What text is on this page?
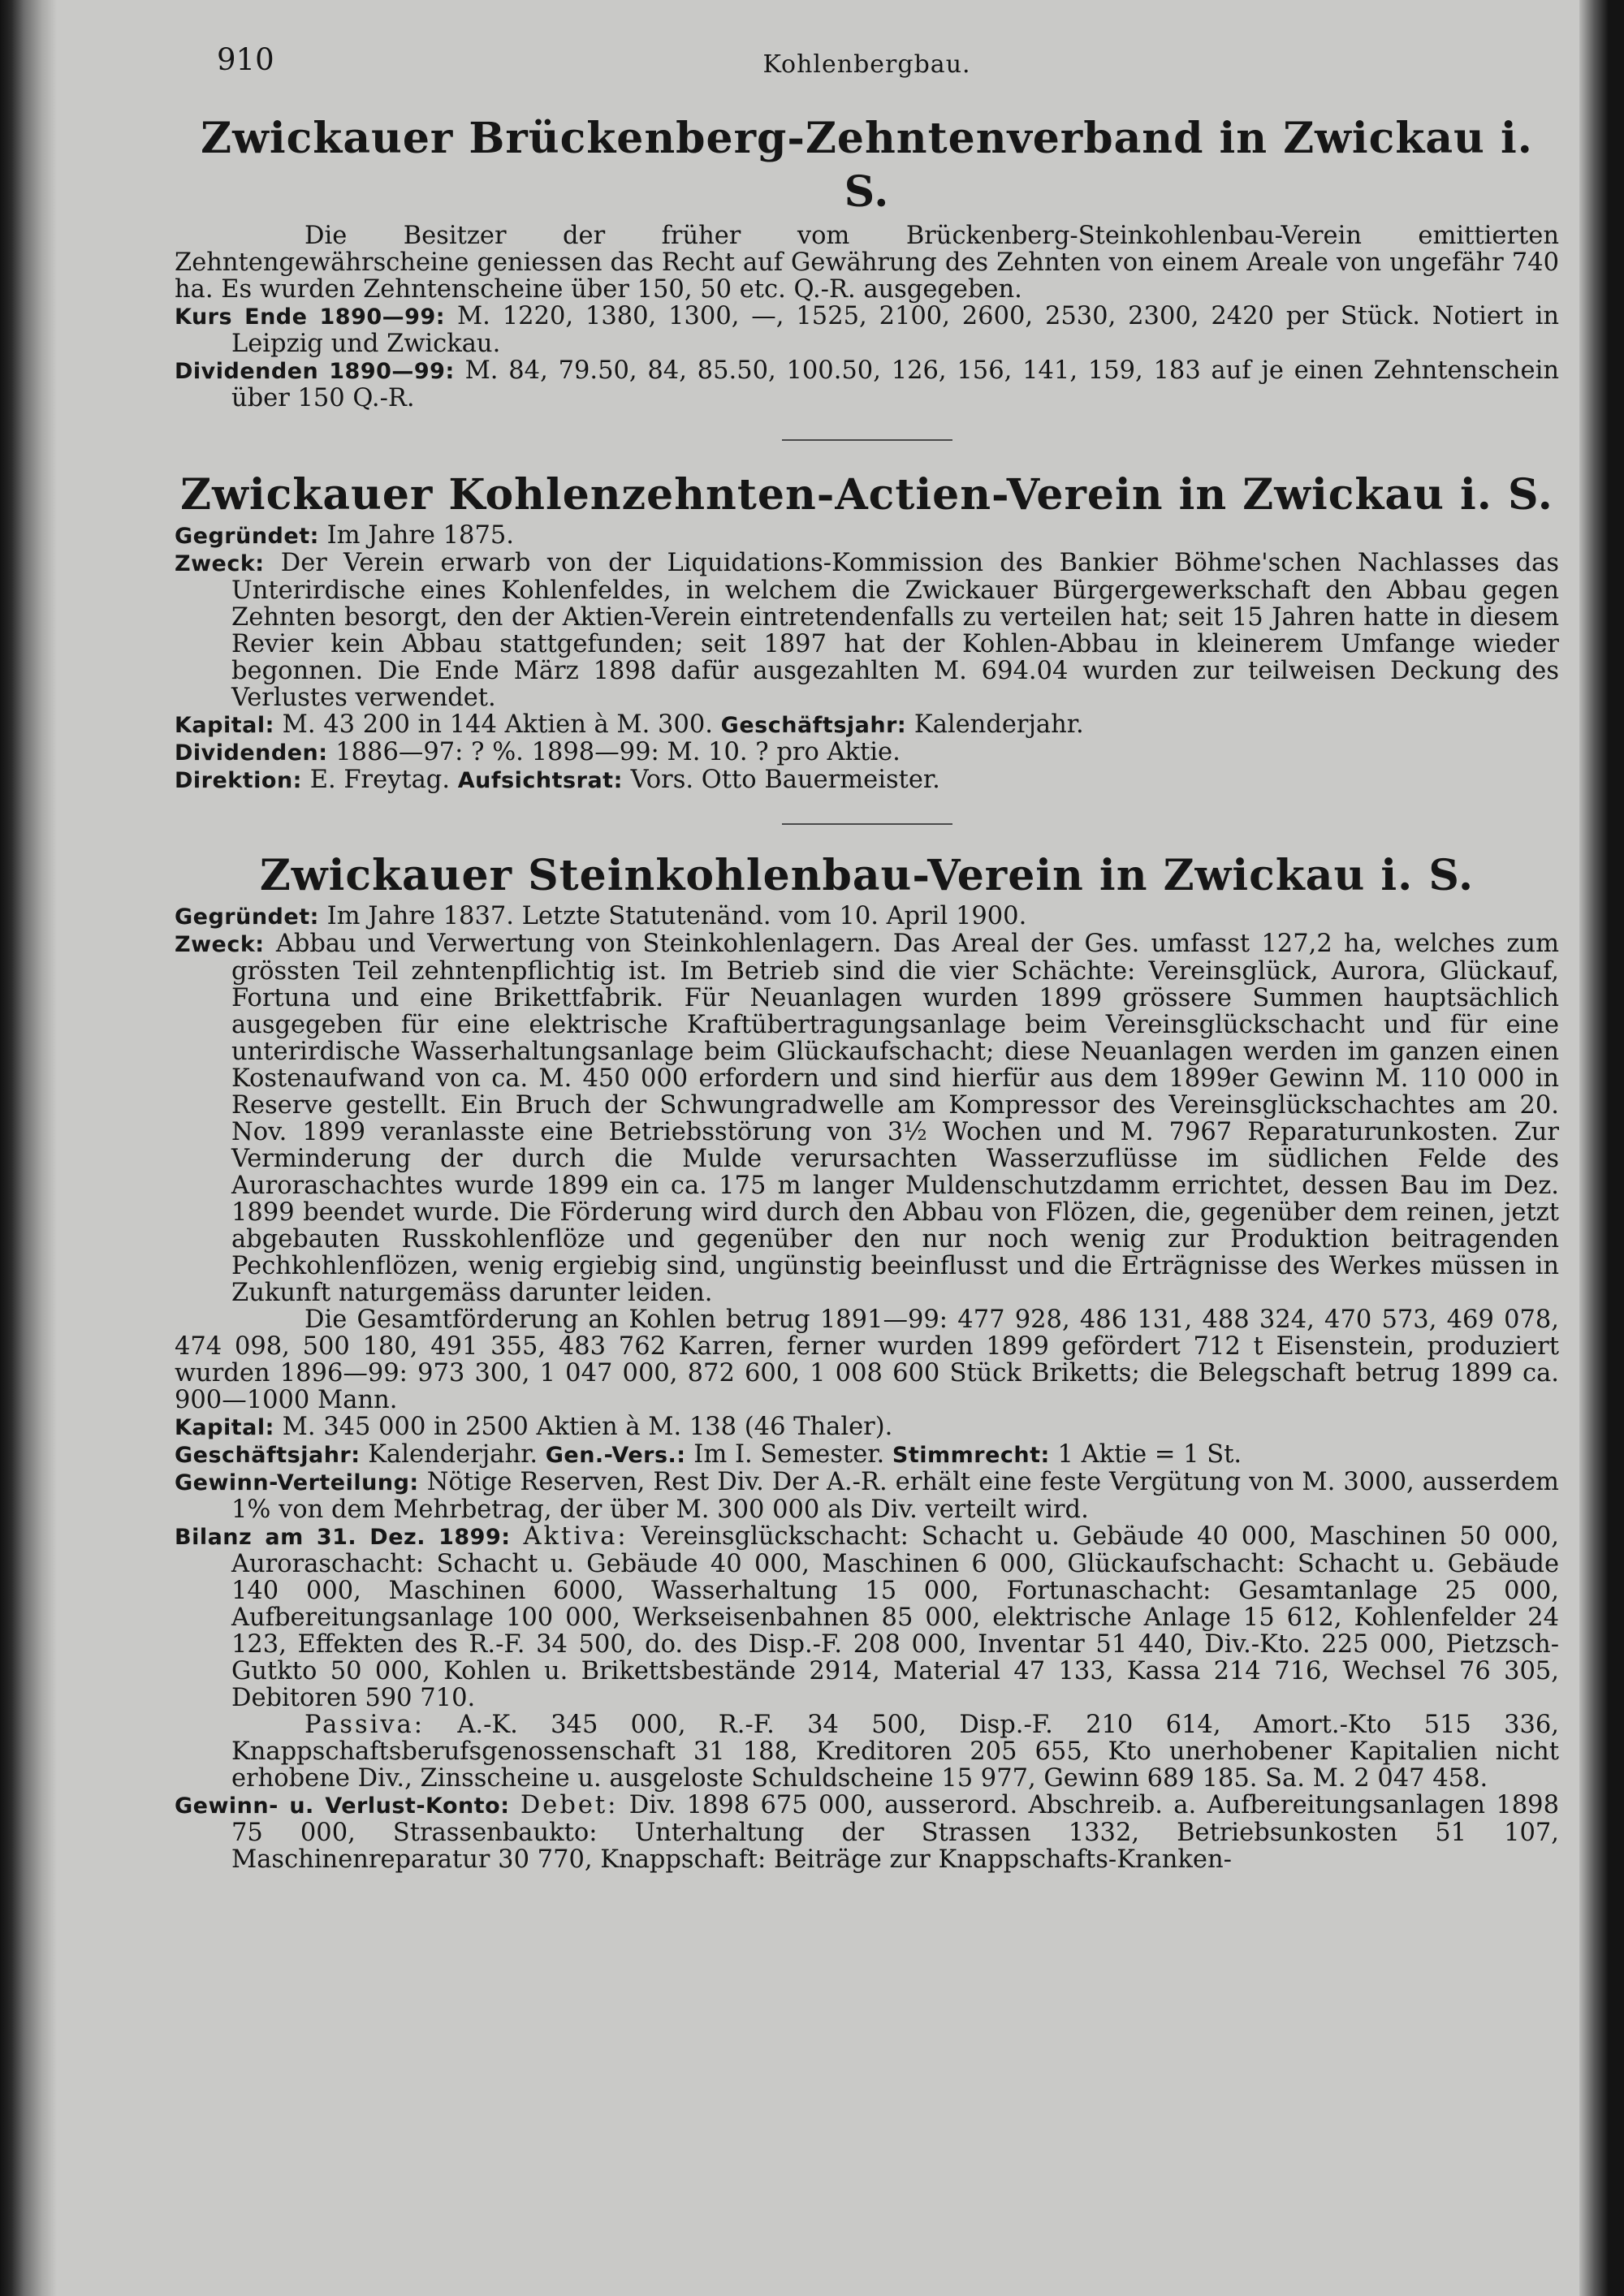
910	Kohlenbergbau.
Zwickauer Brückenberg-Zehntenverband in Zwickau i. S.

Die Besitzer der früher vom Brückenberg-Steinkohlenbau-Verein emittierten Zehntengewährscheine geniessen das Recht auf Gewährung des Zehnten von einem Areale von ungefähr 740 ha. Es wurden Zehntenscheine über 150, 50 etc. Q.-R. ausgegeben.

Kurs Ende 1890—99: M. 1220, 1380, 1300, —, 1525, 2100, 2600, 2530, 2300, 2420 per Stück. Notiert in Leipzig und Zwickau.

Dividenden 1890—99: M. 84, 79.50, 84, 85.50, 100.50, 126, 156, 141, 159, 183 auf je einen Zehntenschein über 150 Q.-R.

Zwickauer Kohlenzehnten-Actien-Verein in Zwickau i. S.

Gegründet: Im Jahre 1875.

Zweck: Der Verein erwarb von der Liquidations-Kommission des Bankier Böhme'schen Nachlasses das Unterirdische eines Kohlenfeldes, in welchem die Zwickauer Bürgergewerkschaft den Abbau gegen Zehnten besorgt, den der Aktien-Verein eintretendenfalls zu verteilen hat; seit 15 Jahren hatte in diesem Revier kein Abbau stattgefunden; seit 1897 hat der Kohlen-Abbau in kleinerem Umfange wieder begonnen. Die Ende März 1898 dafür ausgezahlten M. 694.04 wurden zur teilweisen Deckung des Verlustes verwendet.

Kapital: M. 43 200 in 144 Aktien à M. 300. Geschäftsjahr: Kalenderjahr.

Dividenden: 1886—97: ? %. 1898—99: M. 10. ? pro Aktie.

Direktion: E. Freytag. Aufsichtsrat: Vors. Otto Bauermeister.

Zwickauer Steinkohlenbau-Verein in Zwickau i. S.

Gegründet: Im Jahre 1837. Letzte Statutenänd. vom 10. April 1900.

Zweck: Abbau und Verwertung von Steinkohlenlagern. Das Areal der Ges. umfasst 127,2 ha, welches zum grössten Teil zehntenpflichtig ist. Im Betrieb sind die vier Schächte: Vereinsglück, Aurora, Glückauf, Fortuna und eine Brikettfabrik. Für Neuanlagen wurden 1899 grössere Summen hauptsächlich ausgegeben für eine elektrische Kraftübertragungsanlage beim Vereinsglückschacht und für eine unterirdische Wasserhaltungsanlage beim Glückaufschacht; diese Neuanlagen werden im ganzen einen Kostenaufwand von ca. M. 450 000 erfordern und sind hierfür aus dem 1899er Gewinn M. 110 000 in Reserve gestellt. Ein Bruch der Schwungradwelle am Kompressor des Vereinsglückschachtes am 20. Nov. 1899 veranlasste eine Betriebsstörung von 3½ Wochen und M. 7967 Reparaturunkosten. Zur Verminderung der durch die Mulde verursachten Wasserzuflüsse im südlichen Felde des Auroraschachtes wurde 1899 ein ca. 175 m langer Muldenschutzdamm errichtet, dessen Bau im Dez. 1899 beendet wurde. Die Förderung wird durch den Abbau von Flözen, die, gegenüber dem reinen, jetzt abgebauten Russkohlenflöze und gegenüber den nur noch wenig zur Produktion beitragenden Pechkohlenflözen, wenig ergiebig sind, ungünstig beeinflusst und die Erträgnisse des Werkes müssen in Zukunft naturgemäss darunter leiden.

Die Gesamtförderung an Kohlen betrug 1891—99: 477 928, 486 131, 488 324, 470 573, 469 078, 474 098, 500 180, 491 355, 483 762 Karren, ferner wurden 1899 gefördert 712 t Eisenstein, produziert wurden 1896—99: 973 300, 1 047 000, 872 600, 1 008 600 Stück Briketts; die Belegschaft betrug 1899 ca. 900—1000 Mann.

Kapital: M. 345 000 in 2500 Aktien à M. 138 (46 Thaler).

Geschäftsjahr: Kalenderjahr. Gen.-Vers.: Im I. Semester. Stimmrecht: 1 Aktie = 1 St.

Gewinn-Verteilung: Nötige Reserven, Rest Div. Der A.-R. erhält eine feste Vergütung von M. 3000, ausserdem 1% von dem Mehrbetrag, der über M. 300 000 als Div. verteilt wird.

Bilanz am 31. Dez. 1899: Aktiva: Vereinsglückschacht: Schacht u. Gebäude 40 000, Maschinen 50 000, Auroraschacht: Schacht u. Gebäude 40 000, Maschinen 6 000, Glückaufschacht: Schacht u. Gebäude 140 000, Maschinen 6000, Wasserhaltung 15 000, Fortunaschacht: Gesamtanlage 25 000, Aufbereitungsanlage 100 000, Werkseisenbahnen 85 000, elektrische Anlage 15 612, Kohlenfelder 24 123, Effekten des R.-F. 34 500, do. des Disp.-F. 208 000, Inventar 51 440, Div.-Kto. 225 000, Pietzsch-Gutkto 50 000, Kohlen u. Brikettsbestände 2914, Material 47 133, Kassa 214 716, Wechsel 76 305, Debitoren 590 710.

Passiva: A.-K. 345 000, R.-F. 34 500, Disp.-F. 210 614, Amort.-Kto 515 336, Knappschaftsberufsgenossenschaft 31 188, Kreditoren 205 655, Kto unerhobener Kapitalien nicht erhobene Div., Zinsscheine u. ausgeloste Schuldscheine 15 977, Gewinn 689 185. Sa. M. 2 047 458.

Gewinn- u. Verlust-Konto: Debet: Div. 1898 675 000, ausserord. Abschreib. a. Aufbereitungsanlagen 1898 75 000, Strassenbaukto: Unterhaltung der Strassen 1332, Betriebsunkosten 51 107, Maschinenreparatur 30 770, Knappschaft: Beiträge zur Knappschafts-Kranken-
